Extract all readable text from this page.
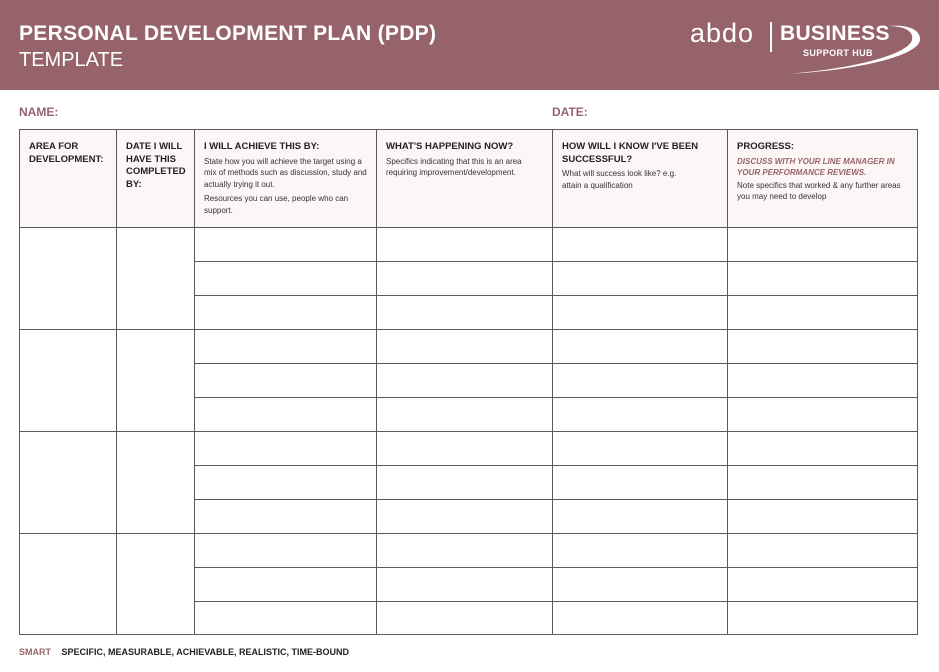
PERSONAL DEVELOPMENT PLAN (PDP)
TEMPLATE
abdo BUSINESS
SUPPORT HUB
NAME:	DATE:
AREA FOR DEVELOPMENT:
DATE I WILL HAVE THIS COMPLETED BY:
I WILL ACHIEVE THIS BY:
State how you will achieve the target using a mix of methods such as discussion, study and actually trying it out.
Resources you can use, people who can support.
WHAT'S HAPPENING NOW?
Specifics indicating that this is an area requiring improvement/development.
HOW WILL I KNOW I'VE BEEN SUCCESSFUL?
What will success look like? e.g. attain a qualification
PROGRESS:
DISCUSS WITH YOUR LINE MANAGER IN YOUR PERFORMANCE REVIEWS.
Note specifics that worked & any further areas you may need to develop
SMART SPECIFIC, MEASURABLE, ACHIEVABLE, REALISTIC, TIME-BOUND
